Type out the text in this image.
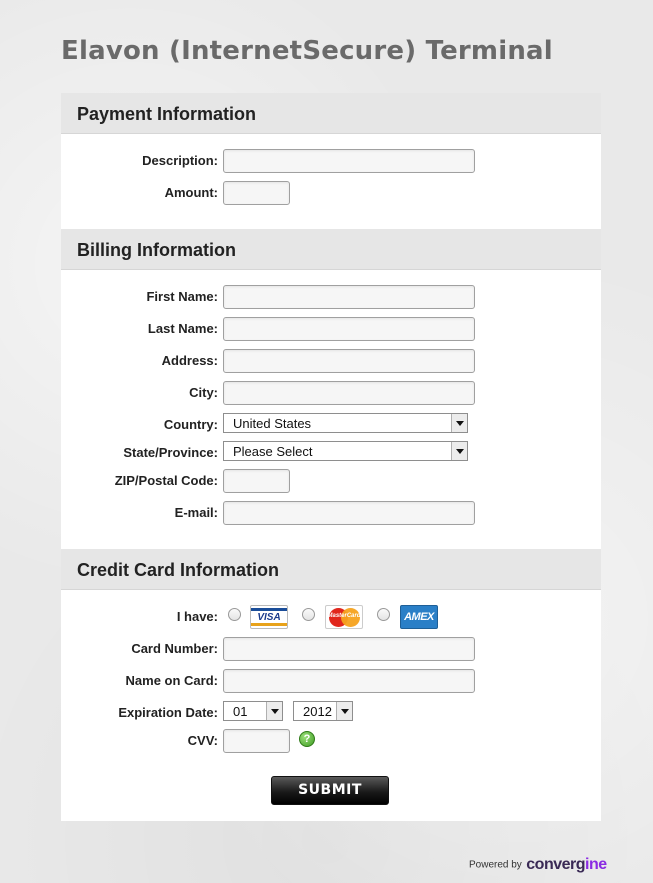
Elavon (InternetSecure) Terminal
Payment Information
Description:
Amount:
Billing Information
First Name:
Last Name:
Address:
City:
Country: United States
State/Province: Please Select
ZIP/Postal Code:
E-mail:
Credit Card Information
I have:	VISA	MasterCard	AMEX
Card Number:
Name on Card:
Expiration Date: 01	2012
CVV:	?
SUBMIT
Powered by convergine
